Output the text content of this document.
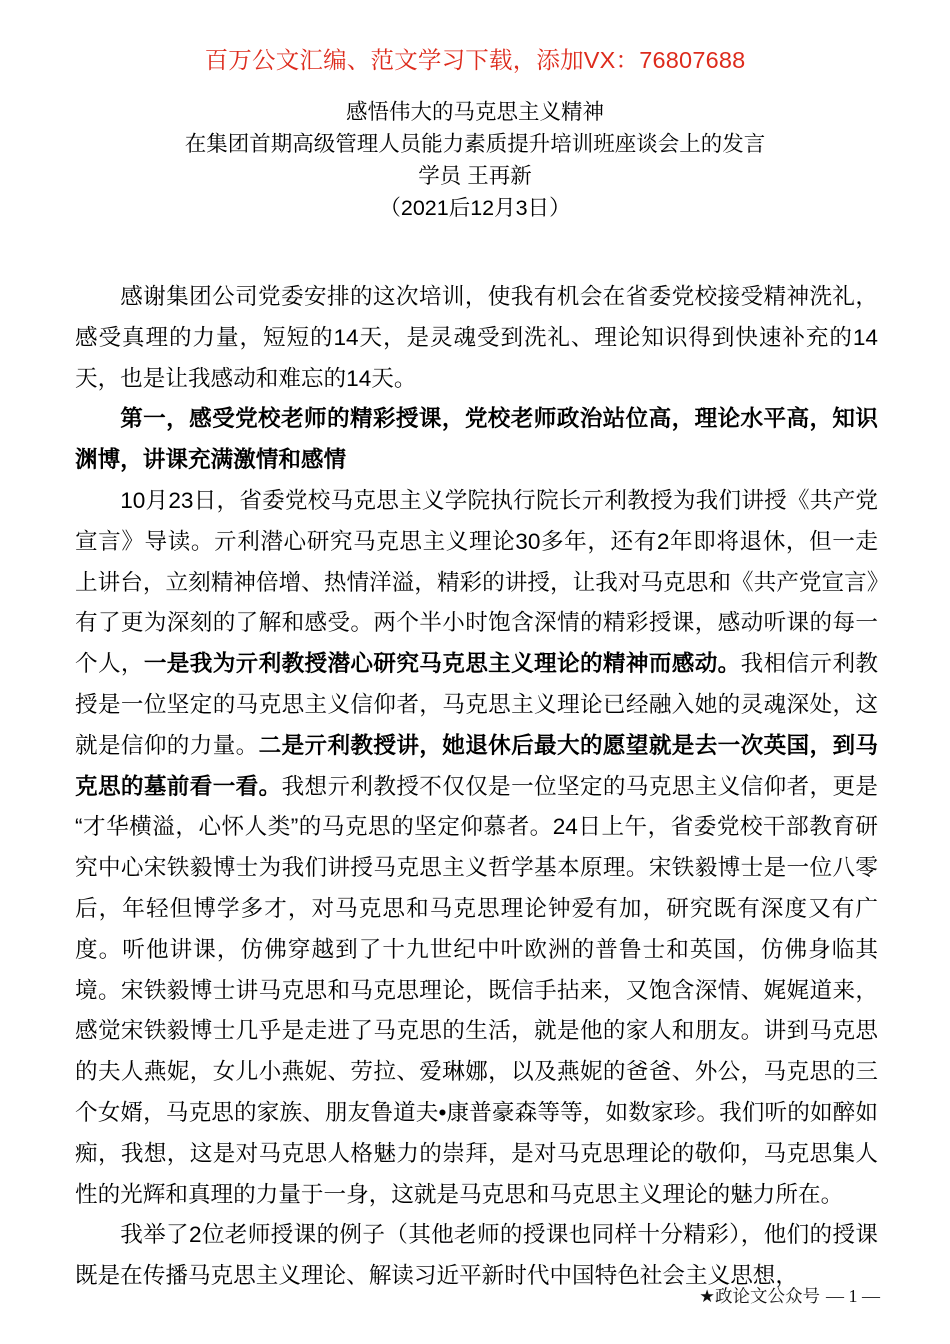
百万公文汇编、范文学习下载，添加VX：76807688
感悟伟大的马克思主义精神
在集团首期高级管理人员能力素质提升培训班座谈会上的发言
学员 王再新
（2021后12月3日）

感谢集团公司党委安排的这次培训，使我有机会在省委党校接受精神洗礼，感受真理的力量，短短的14天，是灵魂受到洗礼、理论知识得到快速补充的14天，也是让我感动和难忘的14天。

第一，感受党校老师的精彩授课，党校老师政治站位高，理论水平高，知识渊博，讲课充满激情和感情

10月23日，省委党校马克思主义学院执行院长亓利教授为我们讲授《共产党宣言》导读。亓利潜心研究马克思主义理论30多年，还有2年即将退休，但一走上讲台，立刻精神倍增、热情洋溢，精彩的讲授，让我对马克思和《共产党宣言》有了更为深刻的了解和感受。两个半小时饱含深情的精彩授课，感动听课的每一个人，一是我为亓利教授潜心研究马克思主义理论的精神而感动。我相信亓利教授是一位坚定的马克思主义信仰者，马克思主义理论已经融入她的灵魂深处，这就是信仰的力量。二是亓利教授讲，她退休后最大的愿望就是去一次英国，到马克思的墓前看一看。我想亓利教授不仅仅是一位坚定的马克思主义信仰者，更是“才华横溢，心怀人类”的马克思的坚定仰慕者。24日上午，省委党校干部教育研究中心宋铁毅博士为我们讲授马克思主义哲学基本原理。宋铁毅博士是一位八零后，年轻但博学多才，对马克思和马克思理论钟爱有加，研究既有深度又有广度。听他讲课，仿佛穿越到了十九世纪中叶欧洲的普鲁士和英国，仿佛身临其境。宋铁毅博士讲马克思和马克思理论，既信手拈来，又饱含深情、娓娓道来，感觉宋铁毅博士几乎是走进了马克思的生活，就是他的家人和朋友。讲到马克思的夫人燕妮，女儿小燕妮、劳拉、爱琳娜，以及燕妮的爸爸、外公，马克思的三个女婿，马克思的家族、朋友鲁道夫•康普豪森等等，如数家珍。我们听的如醉如痴，我想，这是对马克思人格魅力的崇拜，是对马克思理论的敬仰，马克思集人性的光辉和真理的力量于一身，这就是马克思和马克思主义理论的魅力所在。

我举了2位老师授课的例子（其他老师的授课也同样十分精彩），他们的授课既是在传播马克思主义理论、解读习近平新时代中国特色社会主义思想，

★政论文公众号 — 1 —
